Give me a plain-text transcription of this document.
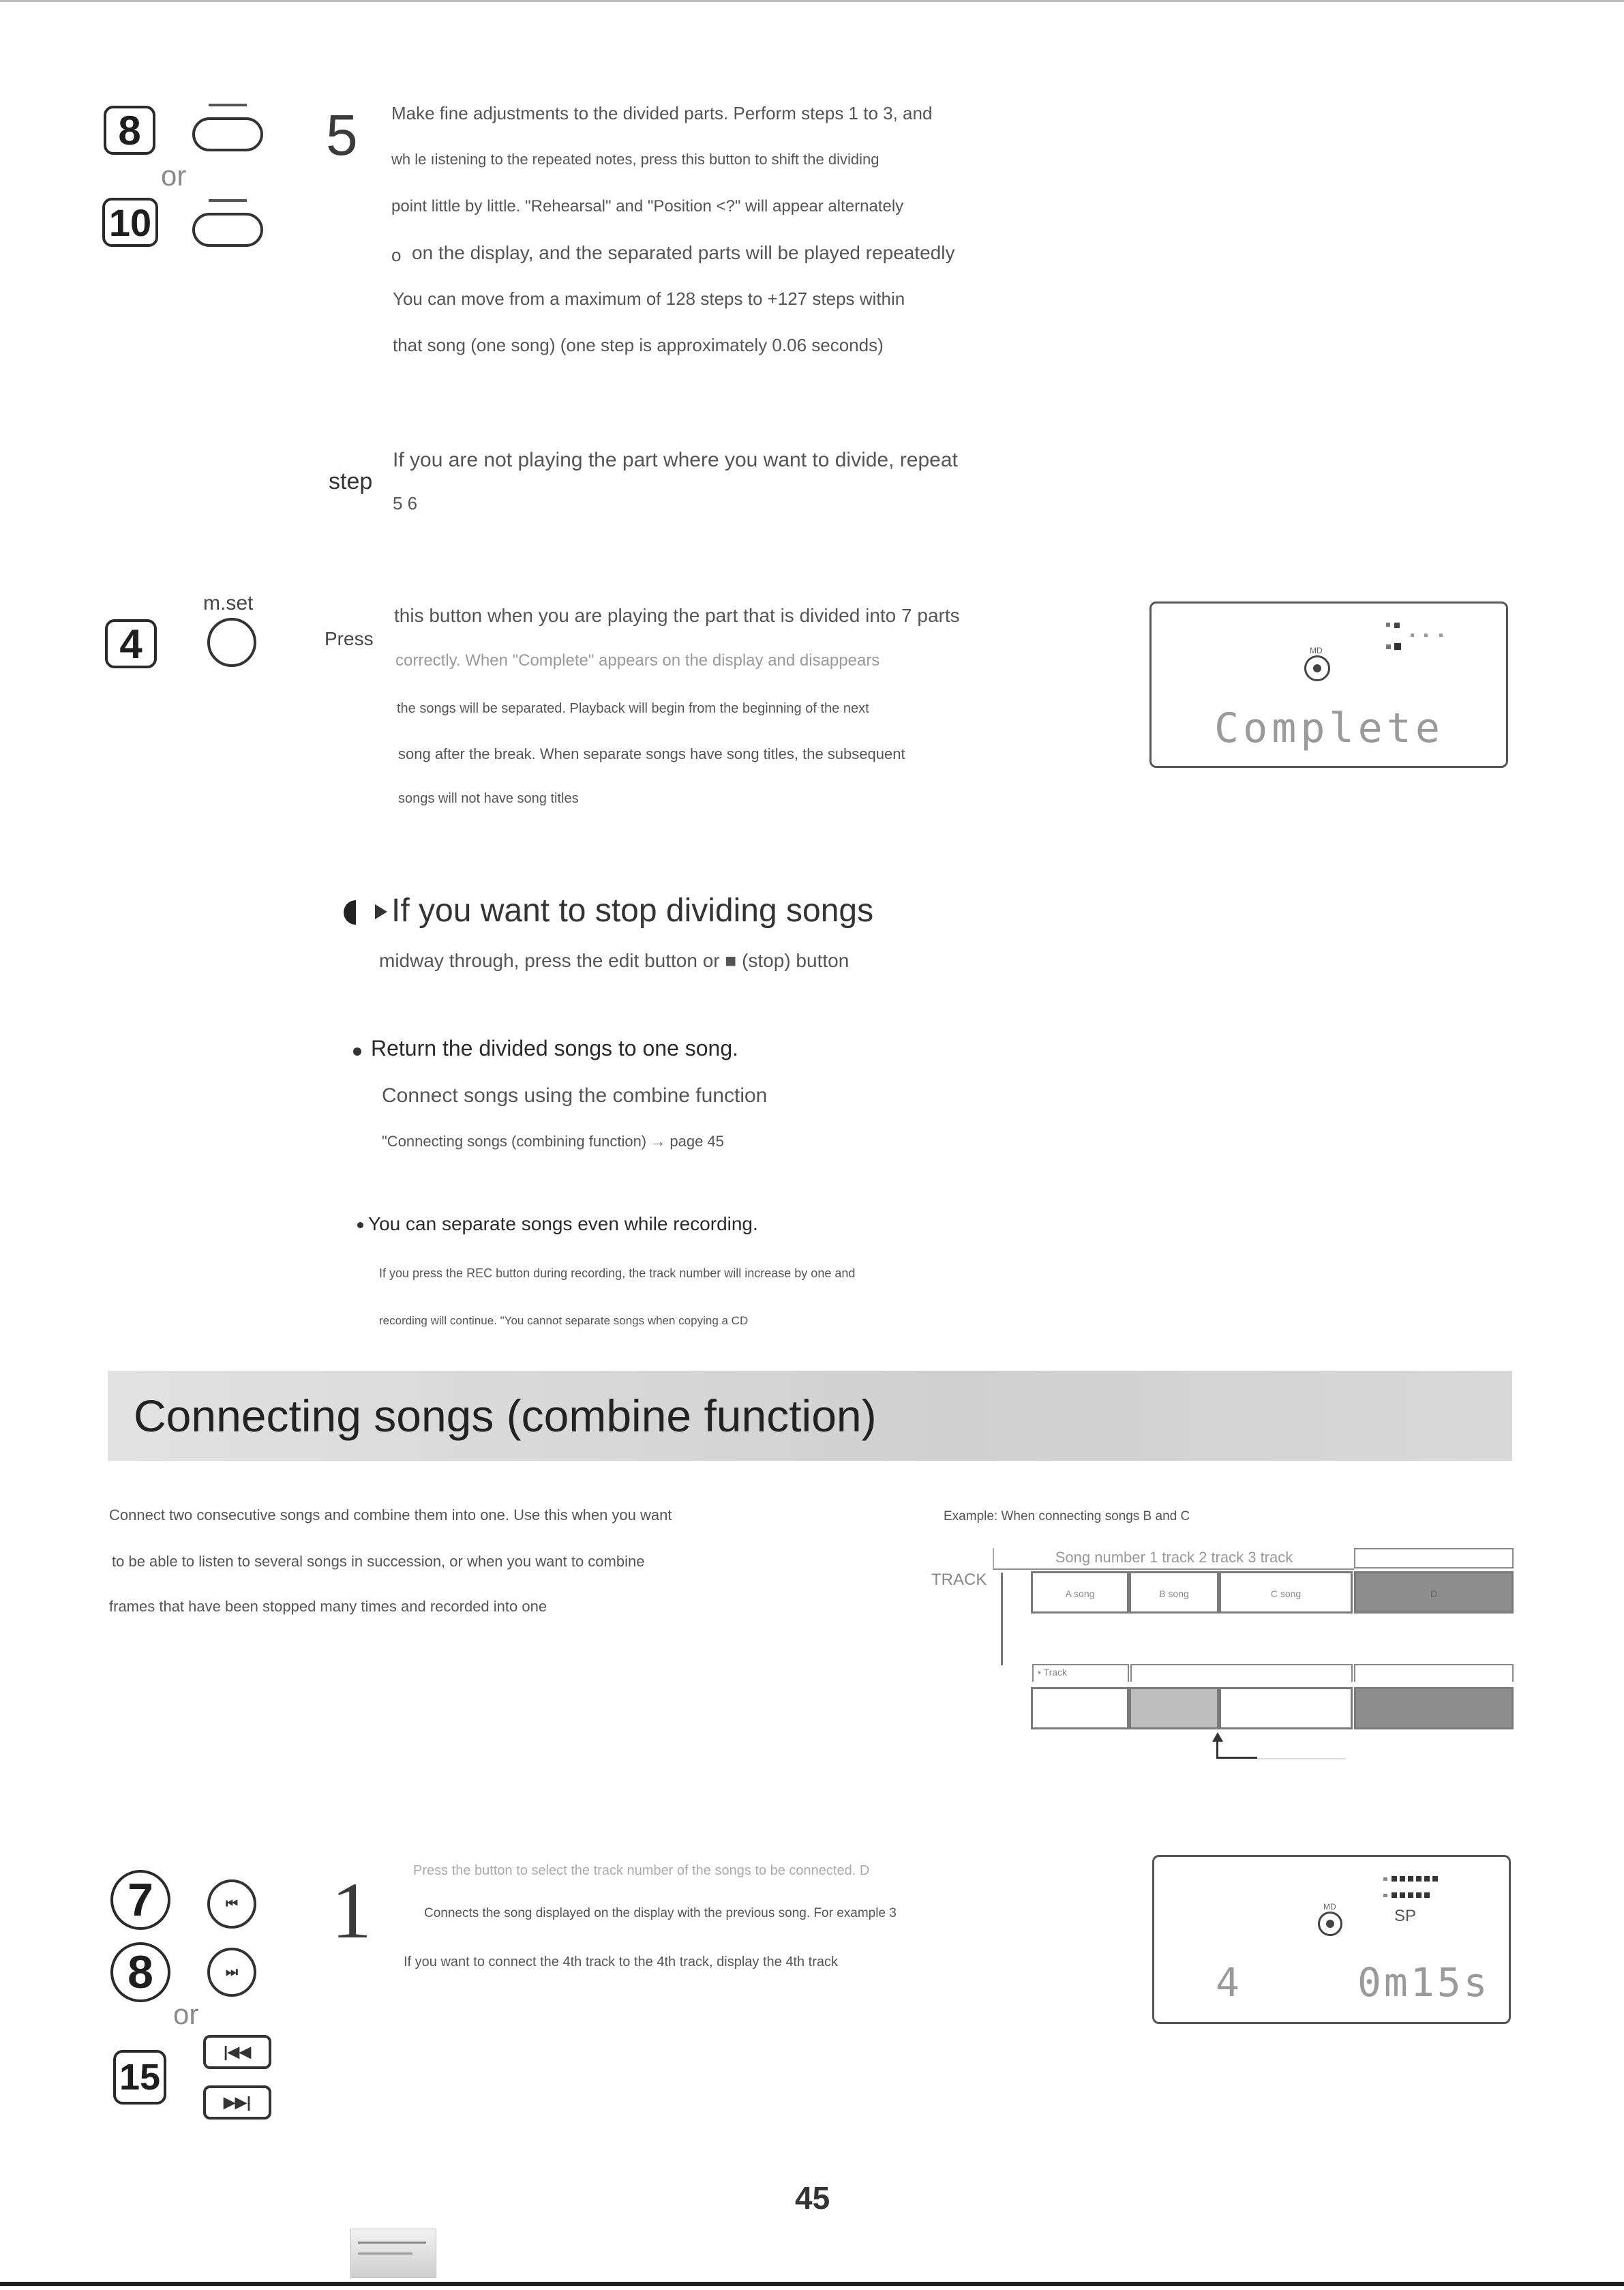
8
or
10
5 Make fine adjustments to the divided parts. Perform steps 1 to 3, and
wh le ıistening to the repeated notes, press this button to shift the dividing
point little by little. "Rehearsal" and "Position <?" will appear alternately
o on the display, and the separated parts will be played repeatedly
You can move from a maximum of 128 steps to +127 steps within
that song (one song) (one step is approximately 0.06 seconds)
step
If you are not playing the part where you want to divide, repeat
5 6
m.set
4	Press
this button when you are playing the part that is divided into 7 parts
correctly. When "Complete" appears on the display and disappears
the songs will be separated. Playback will begin from the beginning of the next
song after the break. When separate songs have song titles, the subsequent
songs will not have song titles
MD
Complete
If you want to stop dividing songs
midway through, press the edit button or ■ (stop) button
Return the divided songs to one song.
Connect songs using the combine function
"Connecting songs (combining function) → page 45
You can separate songs even while recording.
If you press the REC button during recording, the track number will increase by one and
recording will continue. "You cannot separate songs when copying a CD
Connecting songs (combine function)
Connect two consecutive songs and combine them into one. Use this when you want
to be able to listen to several songs in succession, or when you want to combine
frames that have been stopped many times and recorded into one
Example: When connecting songs B and C
TRACK
Song number 1 track 2 track 3 track
A song	B song	C song	D
• Track
7	⏮
8	⏭
or
15
|◀◀
▶▶|
1	Press the button to select the track number of the songs to be connected. D
Connects the song displayed on the display with the previous song. For example 3
If you want to connect the 4th track to the 4th track, display the 4th track
MD	SP
4	0m15s
45
